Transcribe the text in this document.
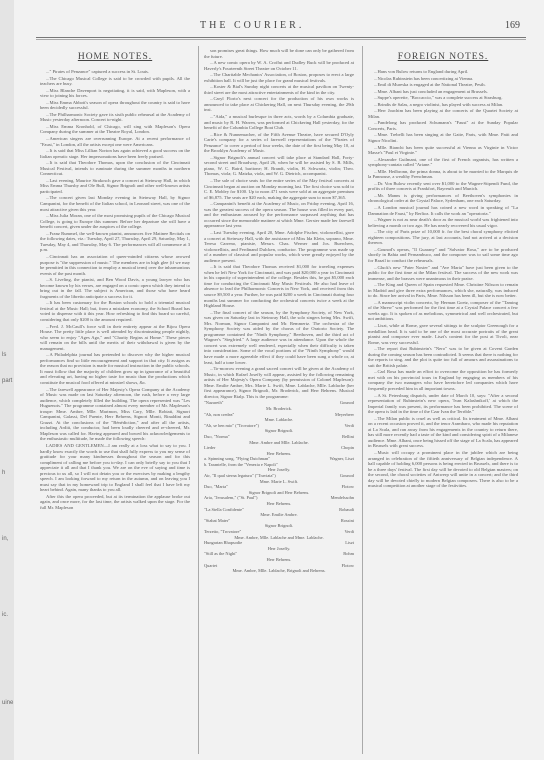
ls
part
h
in,
ic.
uine
THE COURIER.	169
HOME NOTES.

..." Pirates of Penzance" captured a success in St. Louis.

...The Chicago Musical College is said to be crowded with pupils. All the teachers are busy.

...Miss Blanche Davenport is negotiating, it is said, with Mapleson, with a view to joining his forces.

...Miss Emma Abbott's season of opera throughout the country is said to have been decidedly successful.

...The Philharmonic Society gave its sixth public rehearsal at the Academy of Music yesterday afternoon. Concert to-night.

...Miss Emma Kronhold, of Chicago, will sing with Mapleson's Opera Company during the summer at the Theatre Royal, London.

...American singers are overrunning Europe. At a recent performance of "Faust," in London, all the artists except one were Americans.

...It is said that Miss Lillian Norton has again achieved a good success on the Italian operatic stage. Her impersonations have been freely praised.

...It is said that Theodore Thomas, upon the conclusion of the Cincinnati Musical Festival, intends to ruminate during the summer months in northern Connecticut.

...Last evening, Maurice Strakosch gave a concert at Steinway Hall, in which Miss Emma Thursby and Ole Bull, Signor Brignoli and other well-known artists participated.

...The concert given last Monday evening in Steinway Hall, by Signor Campanini, for the benefit of the Italian school, in Leonard street, was one of the most attractive given this year.

...Miss Julia Moran, one of the most promising pupils of the Chicago Musical College, is going to Europe this summer. Before her departure she will have a benefit concert, given under the auspices of the college.

...Franz Rummel, the well-known pianist, announces five Matinee Recitals on the following dates, viz.: Tuesday, April 27, Thursday, April 29, Saturday, May 1, Tuesday, May 4, and Thursday, May 6. The performances will all commence at 3 p.m.

...Cincinnati has an association of queer-minded citizens whose avowed purpose is "the suppression of music." The members are in high glee (if we may be permitted in this connection to employ a musical term) over the inharmonious events of the past month.

...S. Liveling, the pianist, and Ben Wood Davis, a young lawyer who has become known by his verses, are engaged on a comic opera which they intend to bring out in the fall. The subject is American, and those who have heard fragments of the libretto anticipate a success for it.

...It has been customary for the Boston schools to hold a triennial musical festival at the Music Hall; but, from a mistaken economy, the School Board has voted to dispense with it this year. How refreshing to find this board so careful, considering that only $200 is the amount required.

...Fred. J. McCaull's force will in their entirety appear at the Bijou Opera House. The pretty little place is well attended by discriminating people nightly, who seem to enjoy "Ages Ago," and "Charity Begins at Home." These pieces will remain on the bills until the merits of their withdrawal is given by the management.

...A Philadelphia journal has pretended to discover why the higher musical performances find so little encouragement and support in that city. It assigns as the reason that no provision is made for musical instruction in the public schools. It must follow that the majority of children grow up in ignorance of a beautiful and elevating art, having no higher taste for music than the productions which constitute the musical food offered at minstrel shows, &c.

...The farewell appearance of Her Majesty's Opera Company at the Academy of Music was made on last Saturday afternoon, the rush, before a very large audience, which completely filled the building. The opera represented was "Les Huguenots." The programme contained almost every member of Mr. Mapleson's troupe: Mme. Ambre, Mlle. Marimon, Miss Cary, Mlle. Robiati, Signori Campanini, Galassi, Del Puente, Herr Behrens, Signori Monti, Rinaldini and Grazzi. At the conclusions of the "Bénédiction," and after all the artists, including Arditi, the conductor, had been loudly cheered and re-cheered, Mr. Mapleson was called for. Having appeared and bowed his acknowledgements to the enthusiastic multitude, he made the following speech:

LADIES AND GENTLEMEN—I am really at a loss what to say to you. I hardly know exactly the words to use that shall fully express to you my sense of gratitude for your many kindnesses throughout the season and for this compliment of calling me before you to-day. I can only briefly say to you that I appreciate it all and that I thank you. We are on the eve of saying and time is precious to us all, so I will not detain you or the exercises by making a lengthy speech. I am looking forward to my return in the autumn, and on leaving you I must say that in my homeward trip to England I shall feel that I have left my heart behind. Again, many thanks to you all.

After this the opera proceeded, but at its termination the applause broke out again, and once more, for the last time, the artists walked upon the stage. For the full Mr. Mapleson

son promises great things. How much will be done can only be gathered from the future.

...A new comic opera by W. A. Croffut and Dudley Buck will be produced at Haverly's Fourteenth Street Theatre on October 11.

...The Charitable Mechanics' Association, of Boston, proposes to erect a large exhibition hall. It will be just the place for grand musical festivals.

...Koster & Bial's Sunday night concerts at the musical pavilion on Twenty-third street are the most attractive entertainments of the kind in the city.

...Caryl Florio's next concert for the production of his own works is announced to take place at Chickering Hall, on next Thursday evening, the 29th inst.

..."Aida," a musical burlesque in three acts, words by a Columbia graduate, and music by R. H. Warren, was performed at Chickering Hall yesterday, for the benefit of the Columbia College Boat Club.

...Rice & Nunnemacher, of the Fifth Avenue Theatre, have secured D'Oyly Carte's company for a series of farewell representations of the "Pirates of Penzance" to cover a period of four weeks, the date of the first being May 10, at the Brooklyn Academy of Music.

...Signor Brignoli's annual concert will take place at Standard Hall, Forty-second street and Broadway, April 26, when he will be assisted by S. B. Mills, piano, W. C. Baird, baritone; H. Brandt, violin, H. Schwartz, violin; Theo. Thomas, viola; G. Matzka, viola, and W. G. Dietrich, accompanist.

...The sale of choice seats for the entire series of the May festival concerts at Cincinnati began at auction on Monday morning last. The first choice was sold to C. E. Mobley for $100. Up to noon 471 seats were sold at an aggregate premium of $6,875. The seats are $20 each, making the aggregate sum to noon $7,365.

...Campanini's benefit at the Academy of Music, on Friday evening, April 16, was the greatest success of the opera season. The house was filled in every part, and the enthusiasm aroused by the performance surpassed anything that has occurred since the memorable matinee at which Mme. Gerster made her farewell appearance last year.

...Last Tuesday evening, April 20, Mme. Adolphe Fischer, violoncellist, gave a concert at Steinway Hall, with the assistance of Miss Ida Klein, soprano, Mme. Teresa Carreno, pianiste, Messrs. Chas. Werner and Jos. Buerchers, violoncellists, and Ferdinand Dulcken, conductor. The programme was made up of a number of classical and popular works, which were greatly enjoyed by the audience present.

...It is said that Theodore Thomas received $1,000 for traveling expenses when he left New York for Cincinnati, and was paid $20,000 a year in Cincinnati in his capacity of superintendent of the college. Besides this, he got $5,000 each time for conducting the Cincinnati May Music Festivals. He also had leave of absence to lead the Philharmonic Concerts in New York, and received from this source $9,500 a year. Further, he was paid $200 a week in Cincinnati during four months last summer for conducting the orchestral concerts twice a week at the Highland House.

...The final concert of the season, by the Symphony Society, of New York, was given on Saturday last in Steinway Hall, the solo singers being Mrs. Swift, Mrs. Norman, Signor Campanini and Mr. Remmertz. The orchestra of the Symphony Society was aided by the chorus of the Oratorio Society. The programme contained the "Ninth Symphony," Beethoven, and the third act of Wagner's "Siegfried." A large audience was in attendance. Upon the whole the concert was extremely well rendered, especially when their difficulty is taken into consideration. Some of the vocal portions of the "Ninth Symphony" would have made a more agreeable effect if they could have been sung a whole or, at least, half a tone lower.

...To-morrow evening a grand sacred concert will be given at the Academy of Music, in which Rafael Joseffy will appear, assisted by the following remaining artists of Her Majesty's Opera Company (by permission of Colonel Mapleson): Mme. Emilie Ambre, Mrs. Marie L. Swift, Mme. Lablache, Mlle. Lablache (her first appearance), Signor Brignoli, Mr. Broderick, and Herr Behrens. Musical director, Signor Rialp. This is the programme:

"Nazareth"	Gounod
Mr. Broderick.
"Ah, non credea"	Meyerbeer
Mme. Lablache.
"Ah, se ben mio" ("Trovatore")	Verdi
Signor Brignoli.
Duo, "Norma"	Bellini
Mme. Ambre and Mlle. Lablache.
Lieder	Chopin
Herr Behrens.
a. Spinning song, "Flying Dutchman"	Wagner, Liszt
b. Tarantelle, from the "Venezia e Napoli"
Herr Joseffy.
Air, "Il qual sterna legatura" ("Traviata")	Gounod
Mme. Marie L. Swift.
Duo, "Marta"	Flotow
Signor Brignoli and Herr Behrens.
Aria, "Jerusalem," ("St. Paul")	Mendelssohn
Herr Behrens.
"La Stella Confidente"	Robaudi
Mme. Emilie Ambre.
"Stabat Mater"	Rossini
Signor Brignoli.
Terzetto, "Trovatore"	Verdi
Mme. Ambre, Mlle. Lablache and Mme. Lablache.
Hungarian Rhapsodie	Liszt
Herr Joseffy.
"Still as the Night"	Bohm
Herr Behrens.
Quartet	Flotow
Mme. Ambre, Mlle. Lablache, Brignoli and Behrens.
FOREIGN NOTES.

...Hans von Bulow returns to England during April.

...Nicolas Rubinstein has been concertizing at Vienna.

...Emil di Mureska is engaged at the National Theatre, Pesth.

...Mme. Albani has just concluded an engagement at Brussels.

...Suppe's operette, "Boccaccio," was a complete success at Strasburg.

...Brindis de Salas, a negro violinist, has played with success at Milan.

...Herr Joachim has been playing at the concerts of the Quartet Society at Milan.

...Pandelong has produced Schumann's "Faust" at the Sunday Popular Concerts, Paris.

...Mme. Trebelli has been singing at the Gaite, Paris, with Mme. Patti and Signor Nicolini.

...Mlle. Bianchi has been quite successful at Vienna as Virginie in Victor Masse's "Paul et Virginie."

...Alexandre Guilmant, one of the first of French organists, has written a symphony-cantata called "Ariane."

...Mlle. Heilbronn, the prima donna, is about to be married to the Marquis de la Pannouse, a wealthy Frenchman.

...Dr. Von Bulow recently sent over $1,000 to the Wagner-Stipendi Fund, the profits of three concerts at Frankfort, Bayreuth and Munich.

...Mr. Manns is giving performances of Beethoven's symphonies in chronological order at the Crystal Palace, Sydenham, one each Saturday.

...A London musical journal has coined a new word in speaking of "La Damnation de Faust," by Berlioz. It calls the work an "operatoria."

...Wagner is not as near death's door as the musical world was frightened into believing a month or two ago. He has nearly recovered his usual vigor.

...The city of Paris prize of 10,000 fr. for the best choral symphony elicited eighteen compositions. The jury, at last accounts, had not arrived at a decision thereon.

...Gounod's operas, "Il Guarany" and "Salvator Rosa," are to be produced shortly in Bahia and Pernambuco, and the composer was to sail some time ago for Brazil to conduct the rehearsals.

...Gluck's new "Pater Noster" and "Ave Maria" have just been given to the public for the first time at the Milan festival. The success of the new work was immense, and the brasses were unanimous in their praise.

...The King and Queen of Spain requested Mme. Christine Nilsson to remain in Madrid and give three extra performances, which she, naturally, was induced to do. Since her arrival in Paris, Mme. Nilsson has been ill, but she is now better.

...A manuscript violin concerto, by Herman Goetz, composer of the "Taming of the Shrew" was performed for the first time at a Crystal Palace concert a few weeks ago. It is spoken of as melodious, symmetrical and well orchestrated, but not ambitious.

...Liszt, while at Rome, gave several sittings to the sculptor Greenough for a medallion head. It is said to be one of the most accurate portraits of the great pianist and composer ever made. Liszt's content for the post at Tivoli, near Rome, was very successful.

...The report that Rubinstein's "Nero" was to be given at Covent Garden during the coming season has been contradicted. It seems that there is nothing for the reports to sing, and the plot is quite too full of amours and assassinations to suit the British palate.

...Carl Rosa has made an effort to overcome the opposition he has formerly met with on his provincial tours in England by engaging as members of his company the two managers who have heretofore led companies which have frequently preceded him in all important towns.

...A St. Petersburg dispatch, under date of March 10, says: "After a second representation of Rubinstein's new opera, 'Ivan Kalashnikoff,' at which the Imperial family was present, its performance has been prohibited. The scene of the opera is laid in the time of the Czar Ivan the Terrible."

...The Milan public is cruel as well as critical. Its treatment of Mme. Albani on a recent occasion proved it, and the tenor Arambaro, who made his reputation at La Scala, and ran away from his engagements in the country to return there, has still more recently had a taste of the kind and considering spirit of a Milanese audience. Mme. Albani, once being hissed off the stage of La Scala, has appeared in Brussels with great success.

...Music will occupy a prominent place in the jubilee which are being arranged in celebration of the fiftieth anniversary of Belgian independence. A hall capable of holding 6,000 persons is being erected in Brussels, and there is to be a three days' festival. The first day will be devoted to old Belgian masters; on the second, the choral societies of Antwerp will unite in a concert; and the third day will be devoted chiefly to modern Belgian composers. There is also to be a musical competition at another stage of the festivities.
